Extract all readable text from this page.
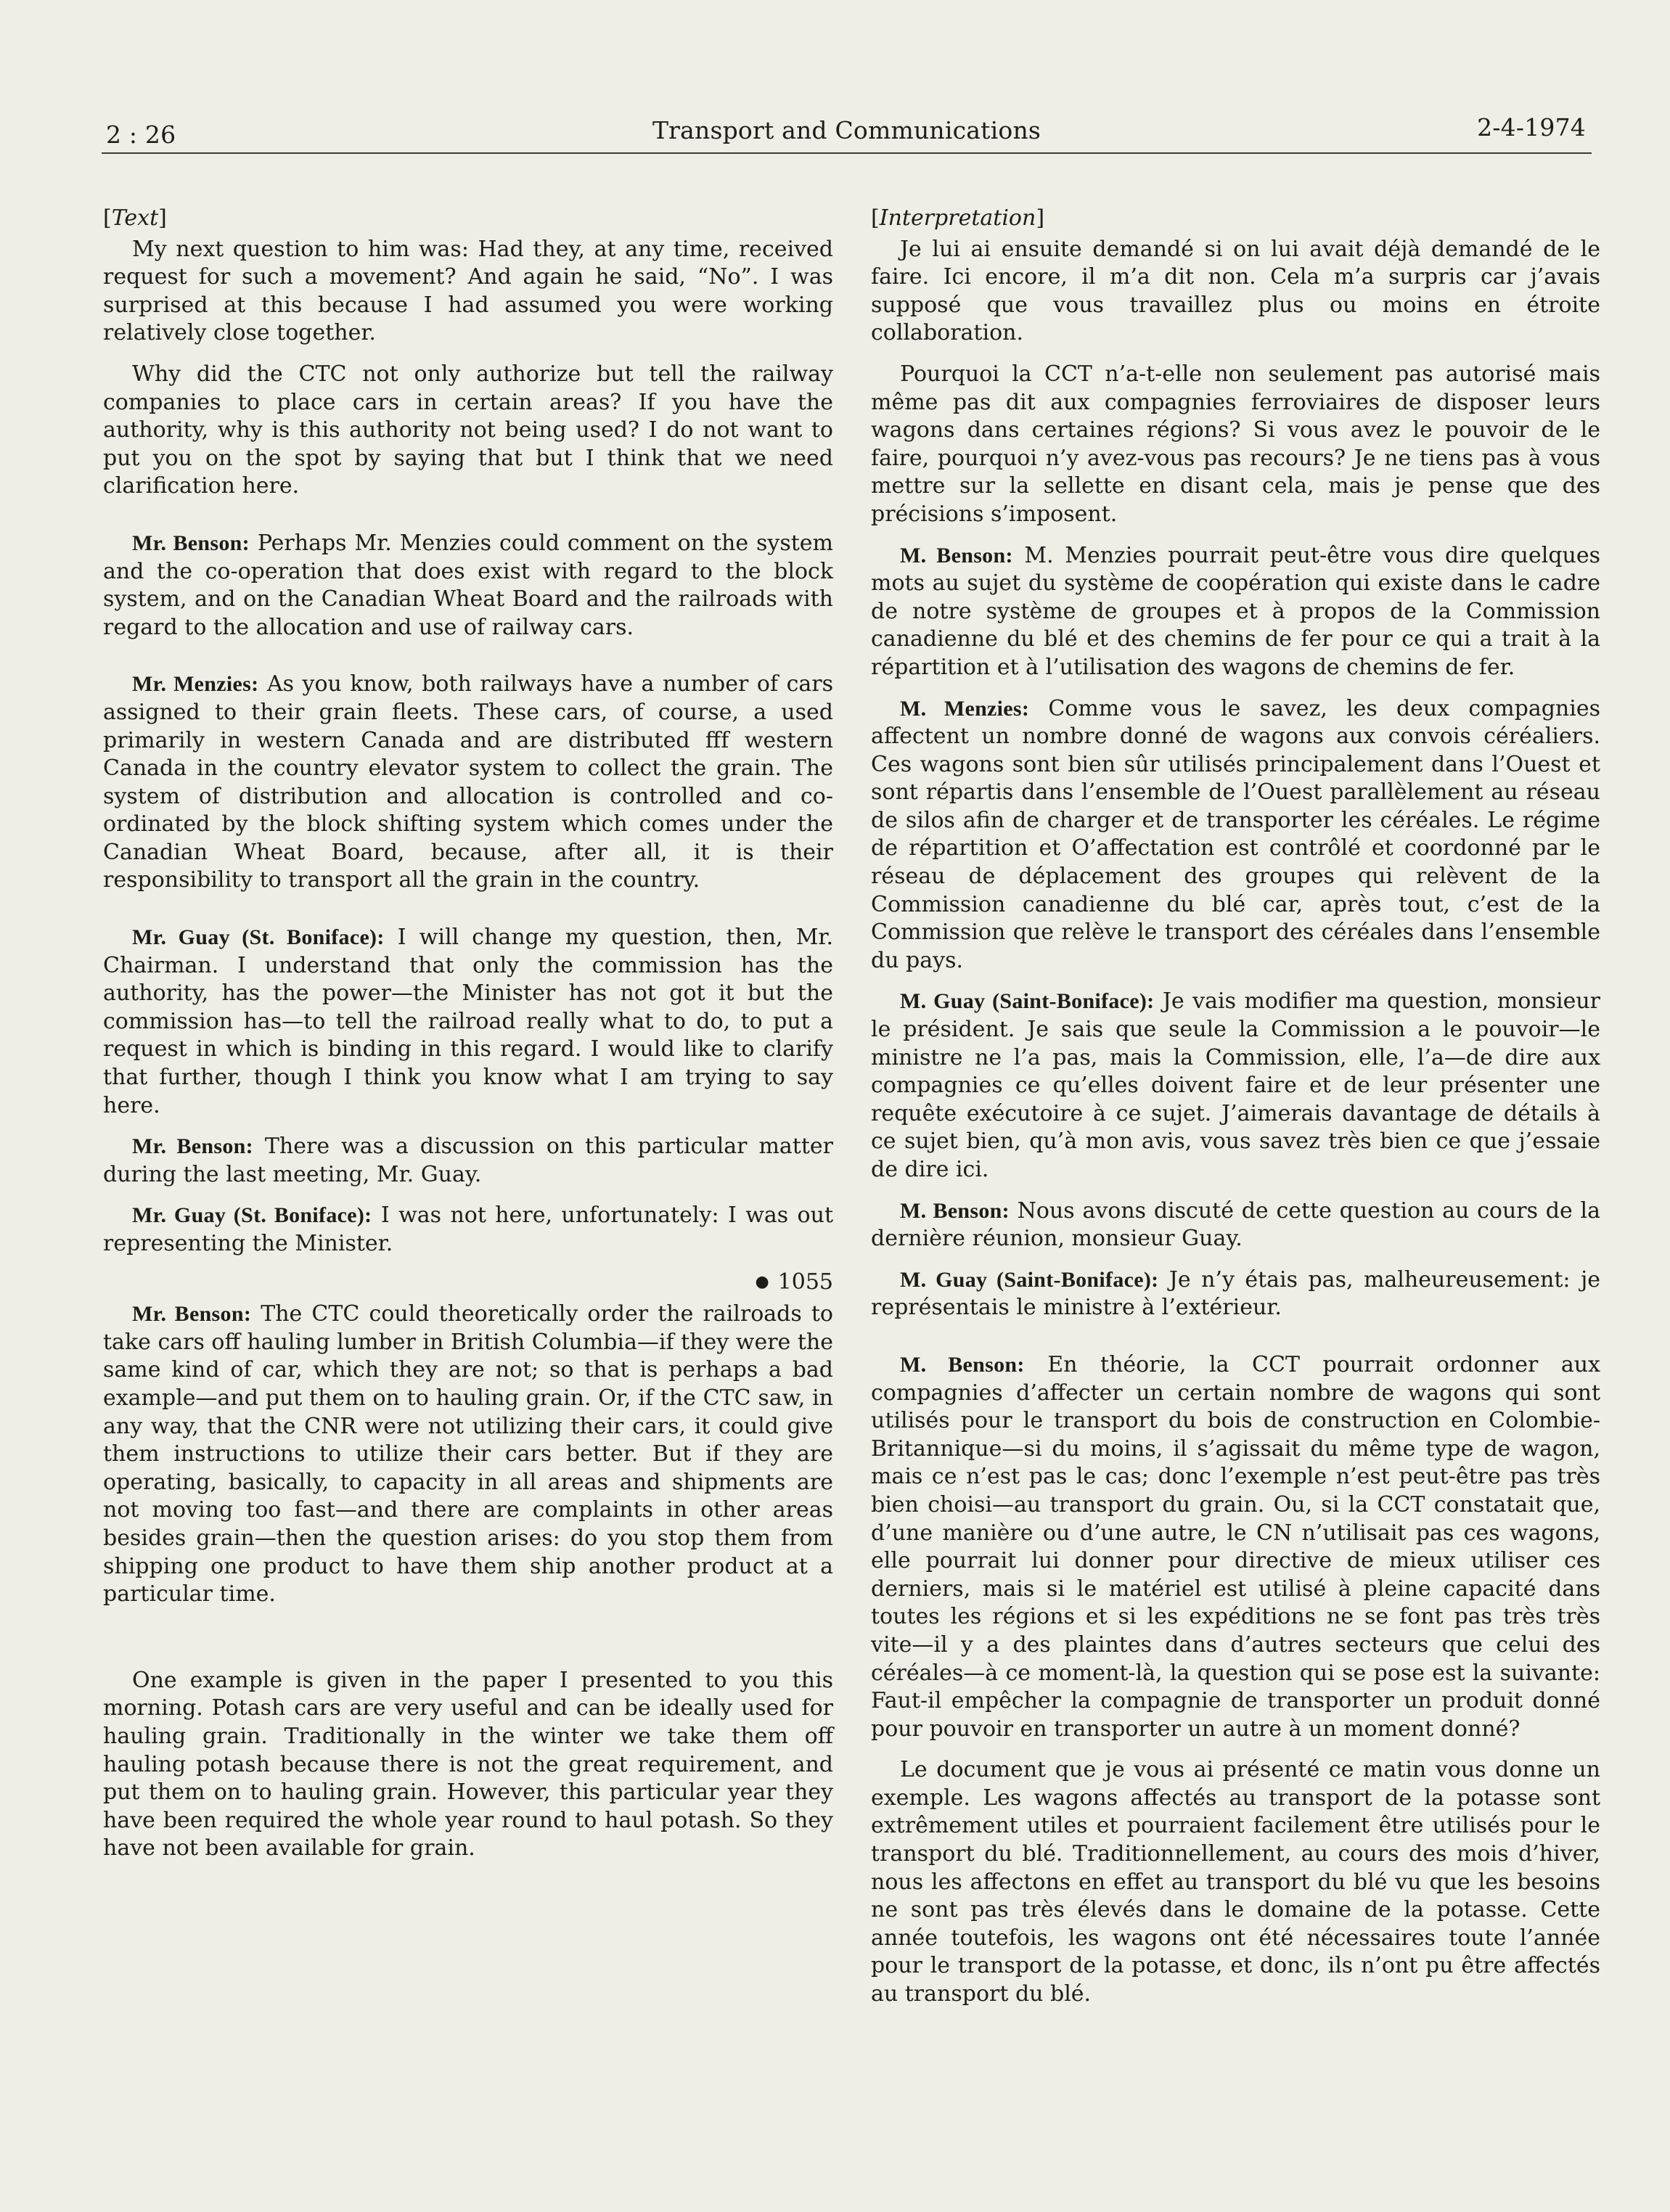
2 : 26	Transport and Communications	2-4-1974

[Text]

My next question to him was: Had they, at any time, received request for such a movement? And again he said, “No”. I was surprised at this because I had assumed you were working relatively close together.

Why did the CTC not only authorize but tell the railway companies to place cars in certain areas? If you have the authority, why is this authority not being used? I do not want to put you on the spot by saying that but I think that we need clarification here.

Mr. Benson: Perhaps Mr. Menzies could comment on the system and the co-operation that does exist with regard to the block system, and on the Canadian Wheat Board and the railroads with regard to the allocation and use of railway cars.

Mr. Menzies: As you know, both railways have a number of cars assigned to their grain fleets. These cars, of course, a used primarily in western Canada and are distributed fff western Canada in the country elevator system to collect the grain. The system of distribution and allocation is controlled and co-ordinated by the block shifting system which comes under the Canadian Wheat Board, because, after all, it is their responsibility to transport all the grain in the country.

Mr. Guay (St. Boniface): I will change my question, then, Mr. Chairman. I understand that only the commission has the authority, has the power—the Minister has not got it but the commission has—to tell the railroad really what to do, to put a request in which is binding in this regard. I would like to clarify that further, though I think you know what I am trying to say here.

Mr. Benson: There was a discussion on this particular matter during the last meeting, Mr. Guay.

Mr. Guay (St. Boniface): I was not here, unfortunately: I was out representing the Minister.

● 1055

Mr. Benson: The CTC could theoretically order the railroads to take cars off hauling lumber in British Columbia—if they were the same kind of car, which they are not; so that is perhaps a bad example—and put them on to hauling grain. Or, if the CTC saw, in any way, that the CNR were not utilizing their cars, it could give them instructions to utilize their cars better. But if they are operating, basically, to capacity in all areas and shipments are not moving too fast—and there are complaints in other areas besides grain—then the question arises: do you stop them from shipping one product to have them ship another product at a particular time.

One example is given in the paper I presented to you this morning. Potash cars are very useful and can be ideally used for hauling grain. Traditionally in the winter we take them off hauling potash because there is not the great requirement, and put them on to hauling grain. However, this particular year they have been required the whole year round to haul potash. So they have not been available for grain.

[Interpretation]

Je lui ai ensuite demandé si on lui avait déjà demandé de le faire. Ici encore, il m’a dit non. Cela m’a surpris car j’avais supposé que vous travaillez plus ou moins en étroite collaboration.

Pourquoi la CCT n’a-t-elle non seulement pas autorisé mais même pas dit aux compagnies ferroviaires de disposer leurs wagons dans certaines régions? Si vous avez le pouvoir de le faire, pourquoi n’y avez-vous pas recours? Je ne tiens pas à vous mettre sur la sellette en disant cela, mais je pense que des précisions s’imposent.

M. Benson: M. Menzies pourrait peut-être vous dire quelques mots au sujet du système de coopération qui existe dans le cadre de notre système de groupes et à propos de la Commission canadienne du blé et des chemins de fer pour ce qui a trait à la répartition et à l’utilisation des wagons de chemins de fer.

M. Menzies: Comme vous le savez, les deux compagnies affectent un nombre donné de wagons aux convois céréaliers. Ces wagons sont bien sûr utilisés principalement dans l’Ouest et sont répartis dans l’ensemble de l’Ouest parallèlement au réseau de silos afin de charger et de transporter les céréales. Le régime de répartition et O’affectation est contrôlé et coordonné par le réseau de déplacement des groupes qui relèvent de la Commission canadienne du blé car, après tout, c’est de la Commission que relève le transport des céréales dans l’ensemble du pays.

M. Guay (Saint-Boniface): Je vais modifier ma question, monsieur le président. Je sais que seule la Commission a le pouvoir—le ministre ne l’a pas, mais la Commission, elle, l’a—de dire aux compagnies ce qu’elles doivent faire et de leur présenter une requête exécutoire à ce sujet. J’aimerais davantage de détails à ce sujet bien, qu’à mon avis, vous savez très bien ce que j’essaie de dire ici.

M. Benson: Nous avons discuté de cette question au cours de la dernière réunion, monsieur Guay.

M. Guay (Saint-Boniface): Je n’y étais pas, malheureusement: je représentais le ministre à l’extérieur.

M. Benson: En théorie, la CCT pourrait ordonner aux compagnies d’affecter un certain nombre de wagons qui sont utilisés pour le transport du bois de construction en Colombie-Britannique—si du moins, il s’agissait du même type de wagon, mais ce n’est pas le cas; donc l’exemple n’est peut-être pas très bien choisi—au transport du grain. Ou, si la CCT constatait que, d’une manière ou d’une autre, le CN n’utilisait pas ces wagons, elle pourrait lui donner pour directive de mieux utiliser ces derniers, mais si le matériel est utilisé à pleine capacité dans toutes les régions et si les expéditions ne se font pas très très vite—il y a des plaintes dans d’autres secteurs que celui des céréales—à ce moment-là, la question qui se pose est la suivante: Faut-il empêcher la compagnie de transporter un produit donné pour pouvoir en transporter un autre à un moment donné?

Le document que je vous ai présenté ce matin vous donne un exemple. Les wagons affectés au transport de la potasse sont extrêmement utiles et pourraient facilement être utilisés pour le transport du blé. Traditionnellement, au cours des mois d’hiver, nous les affectons en effet au transport du blé vu que les besoins ne sont pas très élevés dans le domaine de la potasse. Cette année toutefois, les wagons ont été nécessaires toute l’année pour le transport de la potasse, et donc, ils n’ont pu être affectés au transport du blé.
